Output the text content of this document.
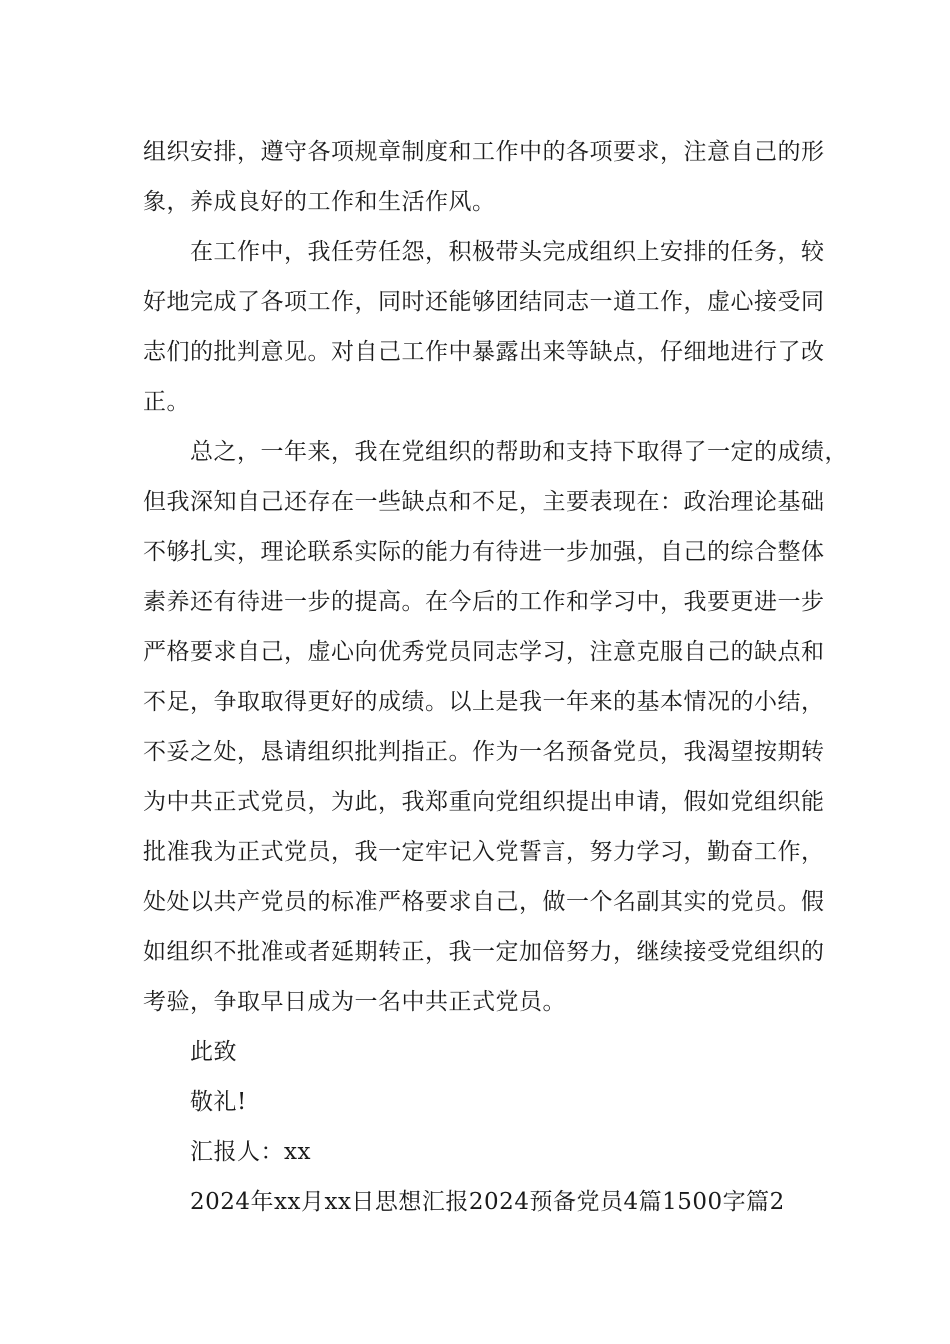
组织安排，遵守各项规章制度和工作中的各项要求，注意自己的形
象，养成良好的工作和生活作风。
在工作中，我任劳任怨，积极带头完成组织上安排的任务，较
好地完成了各项工作，同时还能够团结同志一道工作，虚心接受同
志们的批判意见。对自己工作中暴露出来等缺点，仔细地进行了改
正。
总之，一年来，我在党组织的帮助和支持下取得了一定的成绩，
但我深知自己还存在一些缺点和不足，主要表现在：政治理论基础
不够扎实，理论联系实际的能力有待进一步加强，自己的综合整体
素养还有待进一步的提高。在今后的工作和学习中，我要更进一步
严格要求自己，虚心向优秀党员同志学习，注意克服自己的缺点和
不足，争取取得更好的成绩。以上是我一年来的基本情况的小结，
不妥之处，恳请组织批判指正。作为一名预备党员，我渴望按期转
为中共正式党员，为此，我郑重向党组织提出申请，假如党组织能
批准我为正式党员，我一定牢记入党誓言，努力学习，勤奋工作，
处处以共产党员的标准严格要求自己，做一个名副其实的党员。假
如组织不批准或者延期转正，我一定加倍努力，继续接受党组织的
考验，争取早日成为一名中共正式党员。
此致
敬礼!
汇报人：xx
2024年xx月xx日思想汇报2024预备党员4篇1500字篇2
